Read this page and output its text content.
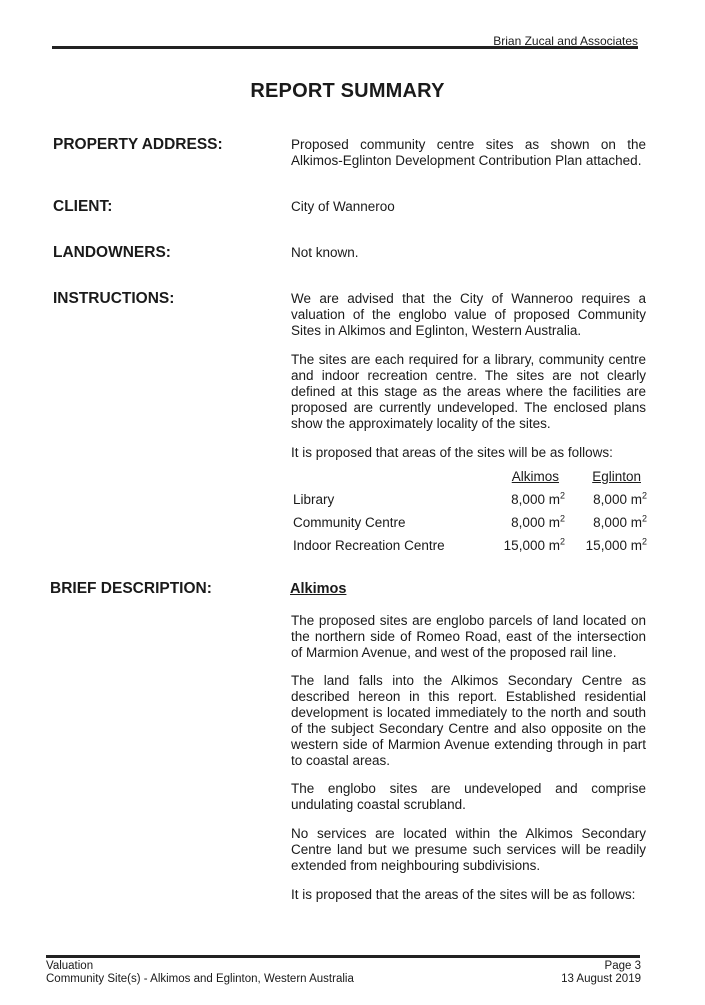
Brian Zucal and Associates
REPORT SUMMARY
PROPERTY ADDRESS:	Proposed community centre sites as shown on the Alkimos-Eglinton Development Contribution Plan attached.
CLIENT:	City of Wanneroo
LANDOWNERS:	Not known.
INSTRUCTIONS:	We are advised that the City of Wanneroo requires a valuation of the englobo value of proposed Community Sites in Alkimos and Eglinton, Western Australia.
The sites are each required for a library, community centre and indoor recreation centre. The sites are not clearly defined at this stage as the areas where the facilities are proposed are currently undeveloped. The enclosed plans show the approximately locality of the sites.
It is proposed that areas of the sites will be as follows:
	Alkimos	Eglinton
Library	8,000 $m^2$	8,000 $m^2$
Community Centre	8,000 $m^2$	8,000 $m^2$
Indoor Recreation Centre	15,000 $m^2$	15,000 $m^2$
BRIEF DESCRIPTION:	Alkimos
The proposed sites are englobo parcels of land located on the northern side of Romeo Road, east of the intersection of Marmion Avenue, and west of the proposed rail line.
The land falls into the Alkimos Secondary Centre as described hereon in this report. Established residential development is located immediately to the north and south of the subject Secondary Centre and also opposite on the western side of Marmion Avenue extending through in part to coastal areas.
The englobo sites are undeveloped and comprise undulating coastal scrubland.
No services are located within the Alkimos Secondary Centre land but we presume such services will be readily extended from neighbouring subdivisions.
It is proposed that the areas of the sites will be as follows:
Valuation
Community Site(s) - Alkimos and Eglinton, Western Australia
Page 3
13 August 2019
